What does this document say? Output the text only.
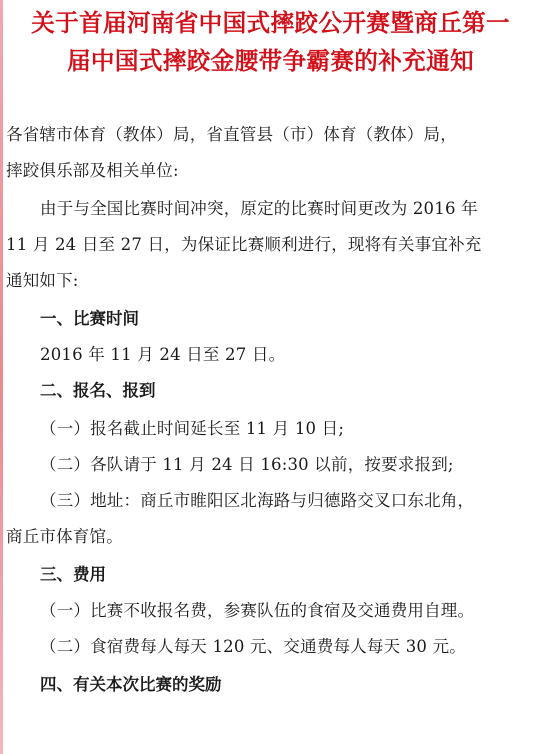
关于首届河南省中国式摔跤公开赛暨商丘第一
届中国式摔跤金腰带争霸赛的补充通知
各省辖市体育（教体）局，省直管县（市）体育（教体）局，
摔跤俱乐部及相关单位:
由于与全国比赛时间冲突，原定的比赛时间更改为 2016 年
11 月 24 日至 27 日，为保证比赛顺利进行，现将有关事宜补充
通知如下:
一、比赛时间
2016 年 11 月 24 日至 27 日。
二、报名、报到
（一）报名截止时间延长至 11 月 10 日;
（二）各队请于 11 月 24 日 16:30 以前，按要求报到;
（三）地址：商丘市睢阳区北海路与归德路交叉口东北角，
商丘市体育馆。
三、费用
（一）比赛不收报名费，参赛队伍的食宿及交通费用自理。
（二）食宿费每人每天 120 元、交通费每人每天 30 元。
四、有关本次比赛的奖励
